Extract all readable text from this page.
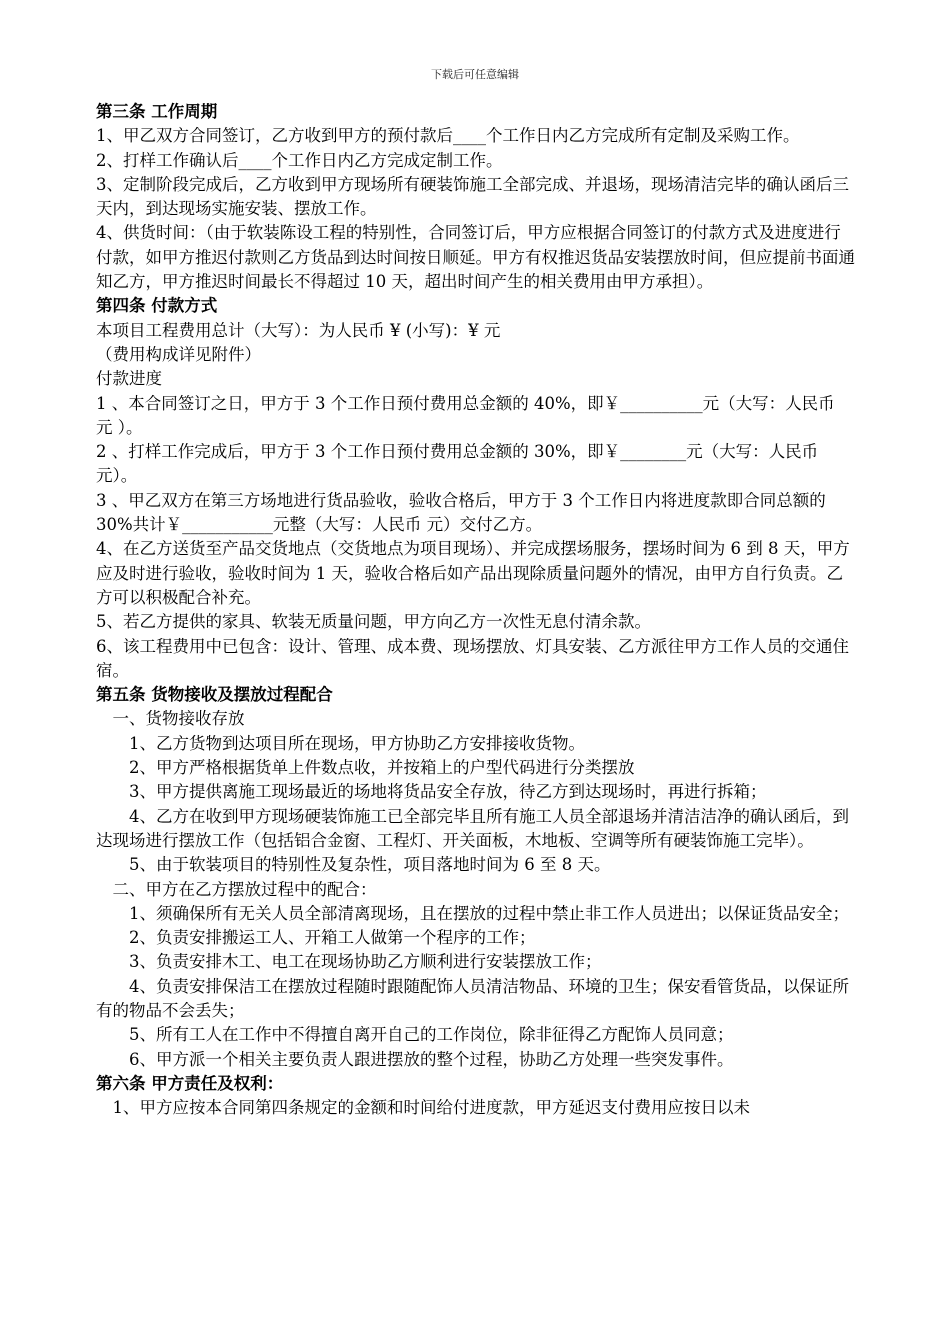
下载后可任意编辑

第三条 工作周期

1、甲乙双方合同签订，乙方收到甲方的预付款后____个工作日内乙方完成所有定制及采购工作。

2、打样工作确认后____个工作日内乙方完成定制工作。

3、定制阶段完成后，乙方收到甲方现场所有硬装饰施工全部完成、并退场，现场清洁完毕的确认函后三天内，到达现场实施安装、摆放工作。

4、供货时间：（由于软装陈设工程的特别性，合同签订后，甲方应根据合同签订的付款方式及进度进行付款，如甲方推迟付款则乙方货品到达时间按日顺延。甲方有权推迟货品安装摆放时间，但应提前书面通知乙方，甲方推迟时间最长不得超过 10 天，超出时间产生的相关费用由甲方承担）。

第四条 付款方式

本项目工程费用总计（大写）：为人民币 ¥ (小写)：¥ 元

（费用构成详见附件）

付款进度

1 、本合同签订之日，甲方于 3 个工作日预付费用总金额的 40%，即￥__________元（大写：人民币 元 ）。

2 、打样工作完成后，甲方于 3 个工作日预付费用总金额的 30%，即￥________元（大写：人民币 元）。

3 、甲乙双方在第三方场地进行货品验收，验收合格后，甲方于 3 个工作日内将进度款即合同总额的 30%共计￥___________元整（大写：人民币 元）交付乙方。

4、在乙方送货至产品交货地点（交货地点为项目现场）、并完成摆场服务，摆场时间为 6 到 8 天，甲方应及时进行验收，验收时间为 1 天，验收合格后如产品出现除质量问题外的情况，由甲方自行负责。乙方可以积极配合补充。

5、若乙方提供的家具、软装无质量问题，甲方向乙方一次性无息付清余款。

6、该工程费用中已包含：设计、管理、成本费、现场摆放、灯具安装、乙方派往甲方工作人员的交通住宿。

第五条 货物接收及摆放过程配合

一、货物接收存放

1、乙方货物到达项目所在现场，甲方协助乙方安排接收货物。

2、甲方严格根据货单上件数点收，并按箱上的户型代码进行分类摆放

3、甲方提供离施工现场最近的场地将货品安全存放，待乙方到达现场时，再进行拆箱；

4、乙方在收到甲方现场硬装饰施工已全部完毕且所有施工人员全部退场并清洁洁净的确认函后，到达现场进行摆放工作（包括铝合金窗、工程灯、开关面板，木地板、空调等所有硬装饰施工完毕）。

5、由于软装项目的特别性及复杂性，项目落地时间为 6 至 8 天。

二、甲方在乙方摆放过程中的配合：

1、须确保所有无关人员全部清离现场，且在摆放的过程中禁止非工作人员进出；以保证货品安全；

2、负责安排搬运工人、开箱工人做第一个程序的工作；

3、负责安排木工、电工在现场协助乙方顺利进行安装摆放工作；

4、负责安排保洁工在摆放过程随时跟随配饰人员清洁物品、环境的卫生；保安看管货品，以保证所有的物品不会丢失；

5、所有工人在工作中不得擅自离开自己的工作岗位，除非征得乙方配饰人员同意；

6、甲方派一个相关主要负责人跟进摆放的整个过程，协助乙方处理一些突发事件。

第六条 甲方责任及权利：

1、甲方应按本合同第四条规定的金额和时间给付进度款，甲方延迟支付费用应按日以未
